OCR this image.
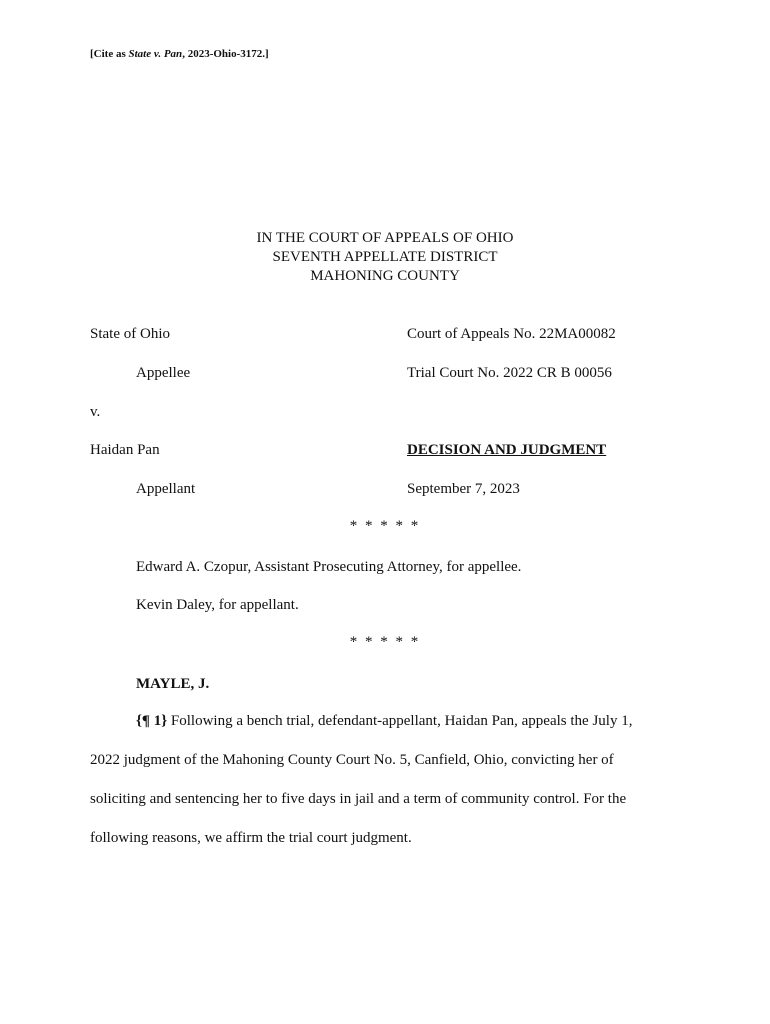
[Cite as State v. Pan, 2023-Ohio-3172.]
IN THE COURT OF APPEALS OF OHIO
SEVENTH APPELLATE DISTRICT
MAHONING COUNTY
State of Ohio
Appellee
v.
Haidan Pan
Appellant
Court of Appeals No. 22MA00082
Trial Court No. 2022 CR B 00056
DECISION AND JUDGMENT
September 7, 2023
* * * * *
Edward A. Czopur, Assistant Prosecuting Attorney, for appellee.
Kevin Daley, for appellant.
* * * * *
MAYLE, J.
{¶ 1} Following a bench trial, defendant-appellant, Haidan Pan, appeals the July 1,
2022 judgment of the Mahoning County Court No. 5, Canfield, Ohio, convicting her of
soliciting and sentencing her to five days in jail and a term of community control. For the
following reasons, we affirm the trial court judgment.
